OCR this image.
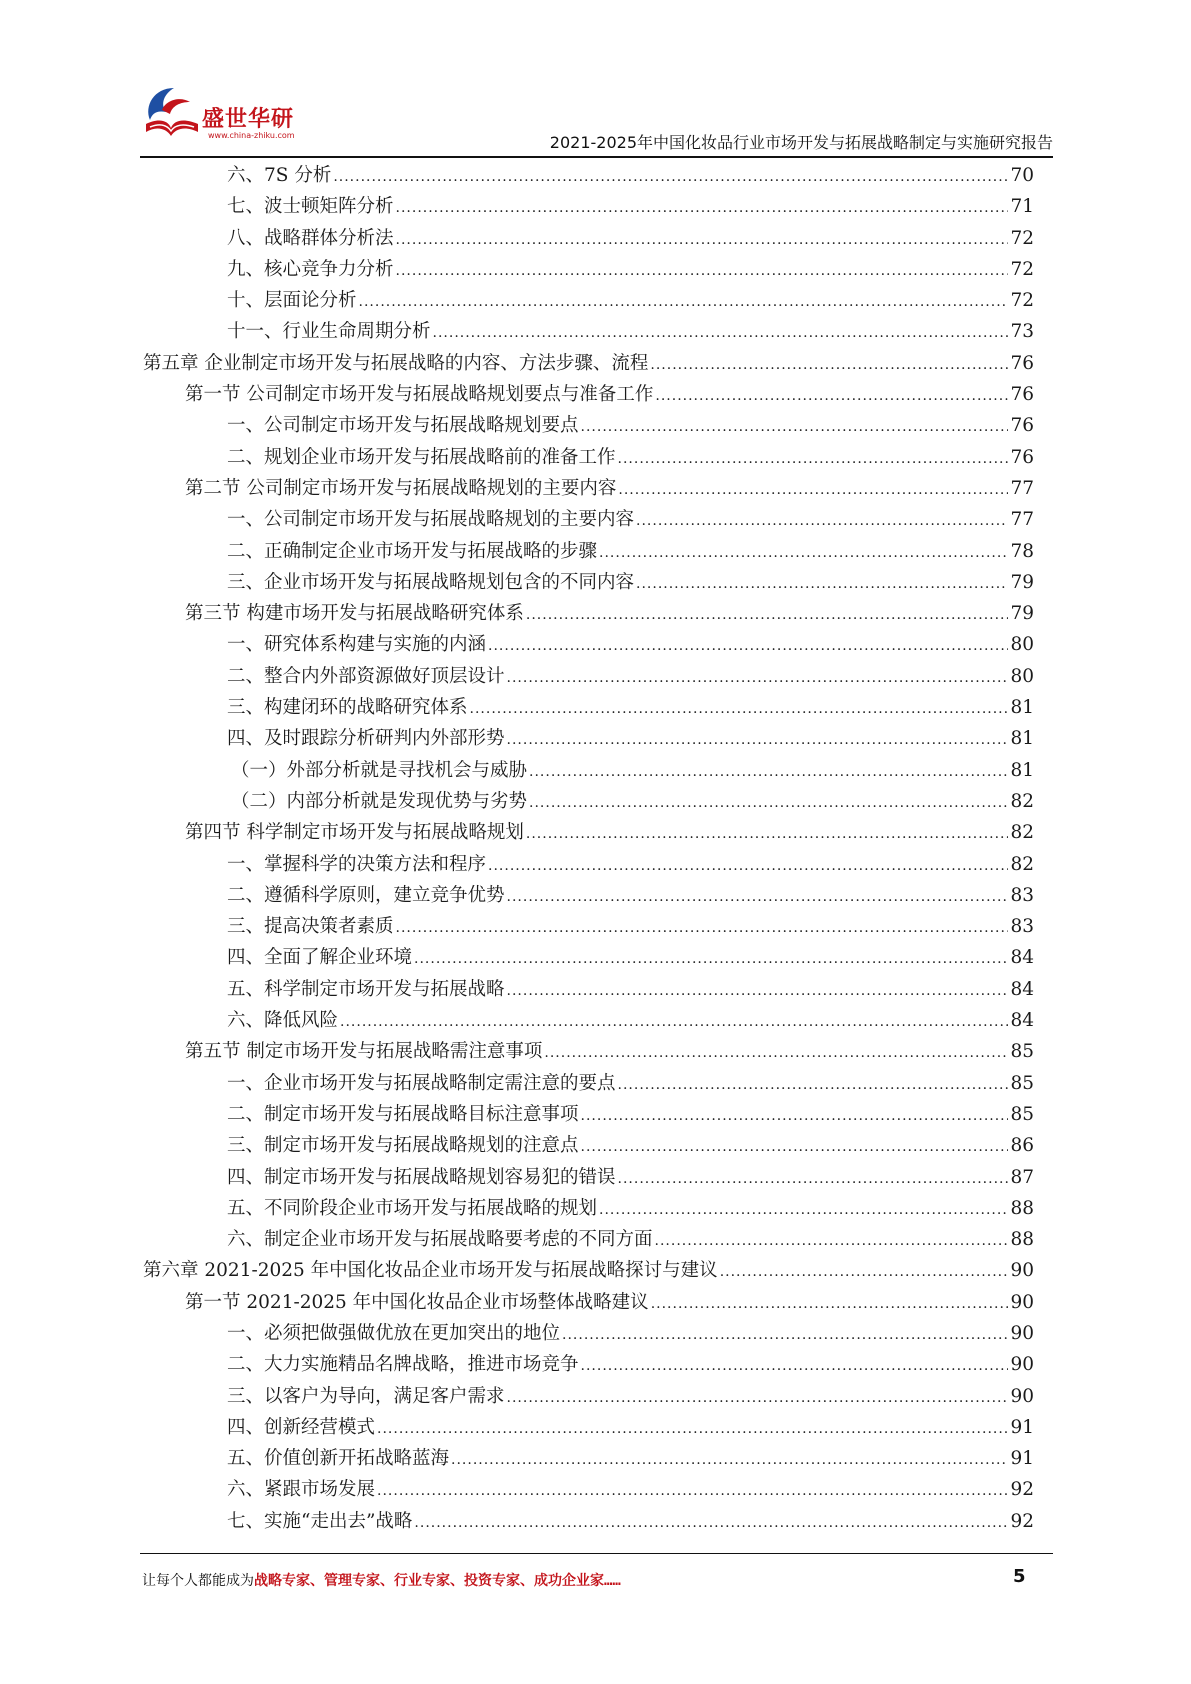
盛世华研
www.china-zhiku.com	2021-2025年中国化妆品行业市场开发与拓展战略制定与实施研究报告
六、7S 分析 .....	70
七、波士顿矩阵分析 .....	71
八、战略群体分析法 .....	72
九、核心竞争力分析 .....	72
十、层面论分析 .....	72
十一、行业生命周期分析 .....	73
第五章 企业制定市场开发与拓展战略的内容、方法步骤、流程 .....	76
第一节 公司制定市场开发与拓展战略规划要点与准备工作 .....	76
一、公司制定市场开发与拓展战略规划要点 .....	76
二、规划企业市场开发与拓展战略前的准备工作 .....	76
第二节 公司制定市场开发与拓展战略规划的主要内容 .....	77
一、公司制定市场开发与拓展战略规划的主要内容 .....	77
二、正确制定企业市场开发与拓展战略的步骤 .....	78
三、企业市场开发与拓展战略规划包含的不同内容 .....	79
第三节 构建市场开发与拓展战略研究体系 .....	79
一、研究体系构建与实施的内涵 .....	80
二、整合内外部资源做好顶层设计 .....	80
三、构建闭环的战略研究体系 .....	81
四、及时跟踪分析研判内外部形势 .....	81
（一）外部分析就是寻找机会与威胁 .....	81
（二）内部分析就是发现优势与劣势 .....	82
第四节 科学制定市场开发与拓展战略规划 .....	82
一、掌握科学的决策方法和程序 .....	82
二、遵循科学原则，建立竞争优势 .....	83
三、提高决策者素质 .....	83
四、全面了解企业环境 .....	84
五、科学制定市场开发与拓展战略 .....	84
六、降低风险 .....	84
第五节 制定市场开发与拓展战略需注意事项 .....	85
一、企业市场开发与拓展战略制定需注意的要点 .....	85
二、制定市场开发与拓展战略目标注意事项 .....	85
三、制定市场开发与拓展战略规划的注意点 .....	86
四、制定市场开发与拓展战略规划容易犯的错误 .....	87
五、不同阶段企业市场开发与拓展战略的规划 .....	88
六、制定企业市场开发与拓展战略要考虑的不同方面 .....	88
第六章 2021-2025 年中国化妆品企业市场开发与拓展战略探讨与建议 .....	90
第一节 2021-2025 年中国化妆品企业市场整体战略建议 .....	90
一、必须把做强做优放在更加突出的地位 .....	90
二、大力实施精品名牌战略，推进市场竞争 .....	90
三、以客户为导向，满足客户需求 .....	90
四、创新经营模式 .....	91
五、价值创新开拓战略蓝海 .....	91
六、紧跟市场发展 .....	92
七、实施“走出去”战略 .....	92
让每个人都能成为战略专家、管理专家、行业专家、投资专家、成功企业家……	5
